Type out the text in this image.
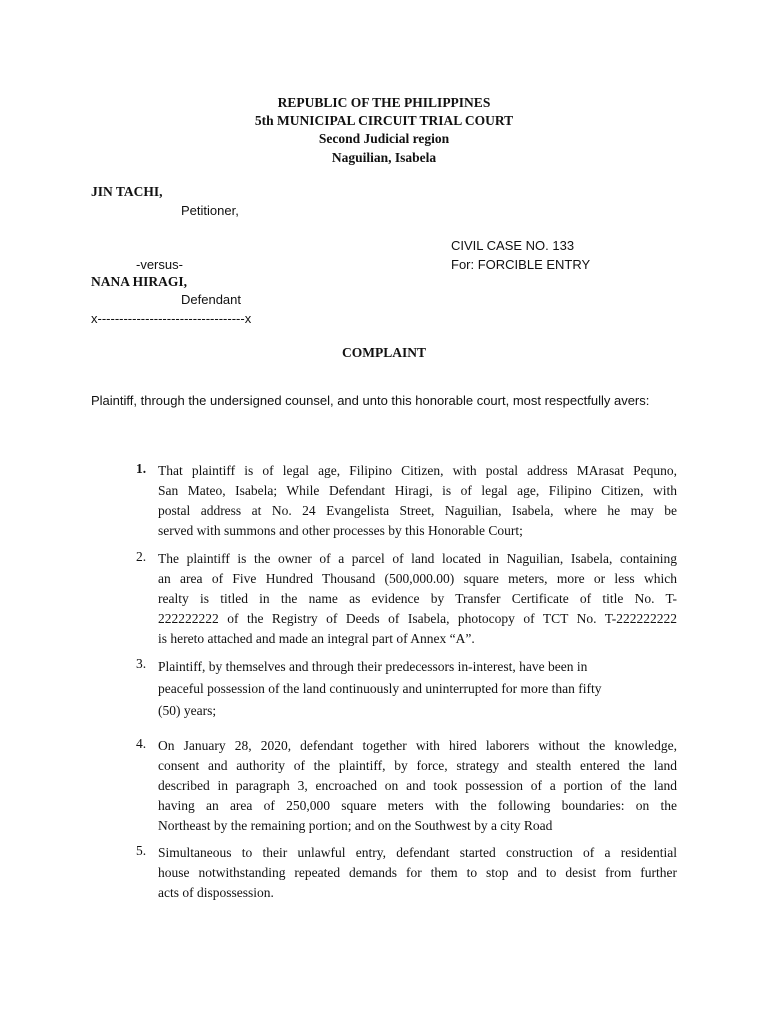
REPUBLIC OF THE PHILIPPINES
5th MUNICIPAL CIRCUIT TRIAL COURT
Second Judicial region
Naguilian, Isabela
JIN TACHI,
Petitioner,
CIVIL CASE NO. 133
-versus-	For: FORCIBLE ENTRY
NANA HIRAGI,
Defendant
x----------------------------------x
COMPLAINT
Plaintiff, through the undersigned counsel, and unto this honorable court, most respectfully avers:
1. That plaintiff is of legal age, Filipino Citizen, with postal address MArasat Pequno,
San Mateo, Isabela; While Defendant Hiragi, is of legal age, Filipino Citizen, with
postal address at No. 24 Evangelista Street, Naguilian, Isabela, where he may be
served with summons and other processes by this Honorable Court;
2. The plaintiff is the owner of a parcel of land located in Naguilian, Isabela, containing
an area of Five Hundred Thousand (500,000.00) square meters, more or less which
realty is titled in the name as evidence by Transfer Certificate of title No. T-
222222222 of the Registry of Deeds of Isabela, photocopy of TCT No. T-222222222
is hereto attached and made an integral part of Annex “A”.
3. Plaintiff, by themselves and through their predecessors in-interest, have been in
peaceful possession of the land continuously and uninterrupted for more than fifty
(50) years;
4. On January 28, 2020, defendant together with hired laborers without the knowledge,
consent and authority of the plaintiff, by force, strategy and stealth entered the land
described in paragraph 3, encroached on and took possession of a portion of the land
having an area of 250,000 square meters with the following boundaries: on the
Northeast by the remaining portion; and on the Southwest by a city Road
5. Simultaneous to their unlawful entry, defendant started construction of a residential
house notwithstanding repeated demands for them to stop and to desist from further
acts of dispossession.
